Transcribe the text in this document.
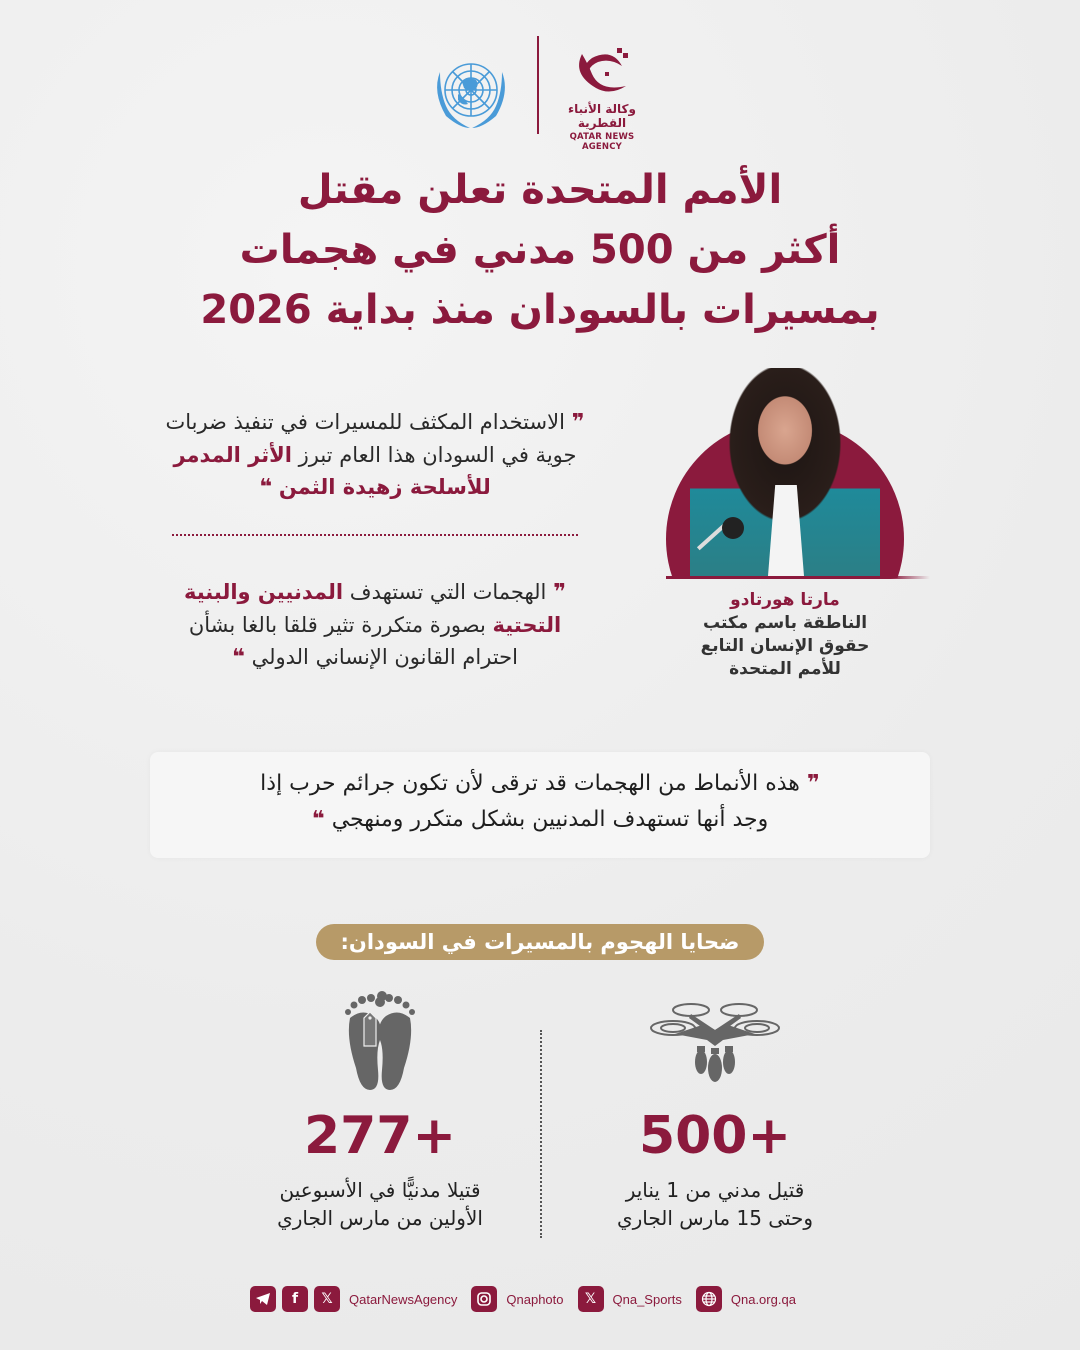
وكالة الأنباء القطرية
QATAR NEWS AGENCY
الأمم المتحدة تعلن مقتل
أكثر من 500 مدني في هجمات
بمسيرات بالسودان منذ بداية 2026
❞ الاستخدام المكثف للمسيرات في تنفيذ ضربات جوية في السودان هذا العام تبرز الأثر المدمر للأسلحة زهيدة الثمن ❝
❞ الهجمات التي تستهدف المدنيين والبنية التحتية بصورة متكررة تثير قلقا بالغا بشأن احترام القانون الإنساني الدولي ❝
مارتا هورتادو
الناطقة باسم مكتب
حقوق الإنسان التابع
للأمم المتحدة
❞ هذه الأنماط من الهجمات قد ترقى لأن تكون جرائم حرب إذا
وجد أنها تستهدف المدنيين بشكل متكرر ومنهجي ❝
ضحايا الهجوم بالمسيرات في السودان:
500+
قتيل مدني من 1 يناير
وحتى 15 مارس الجاري
277+
قتيلا مدنيًّا في الأسبوعين
الأولين من مارس الجاري
f	𝕏	QatarNewsAgency	Qnaphoto	𝕏	Qna_Sports	Qna.org.qa
